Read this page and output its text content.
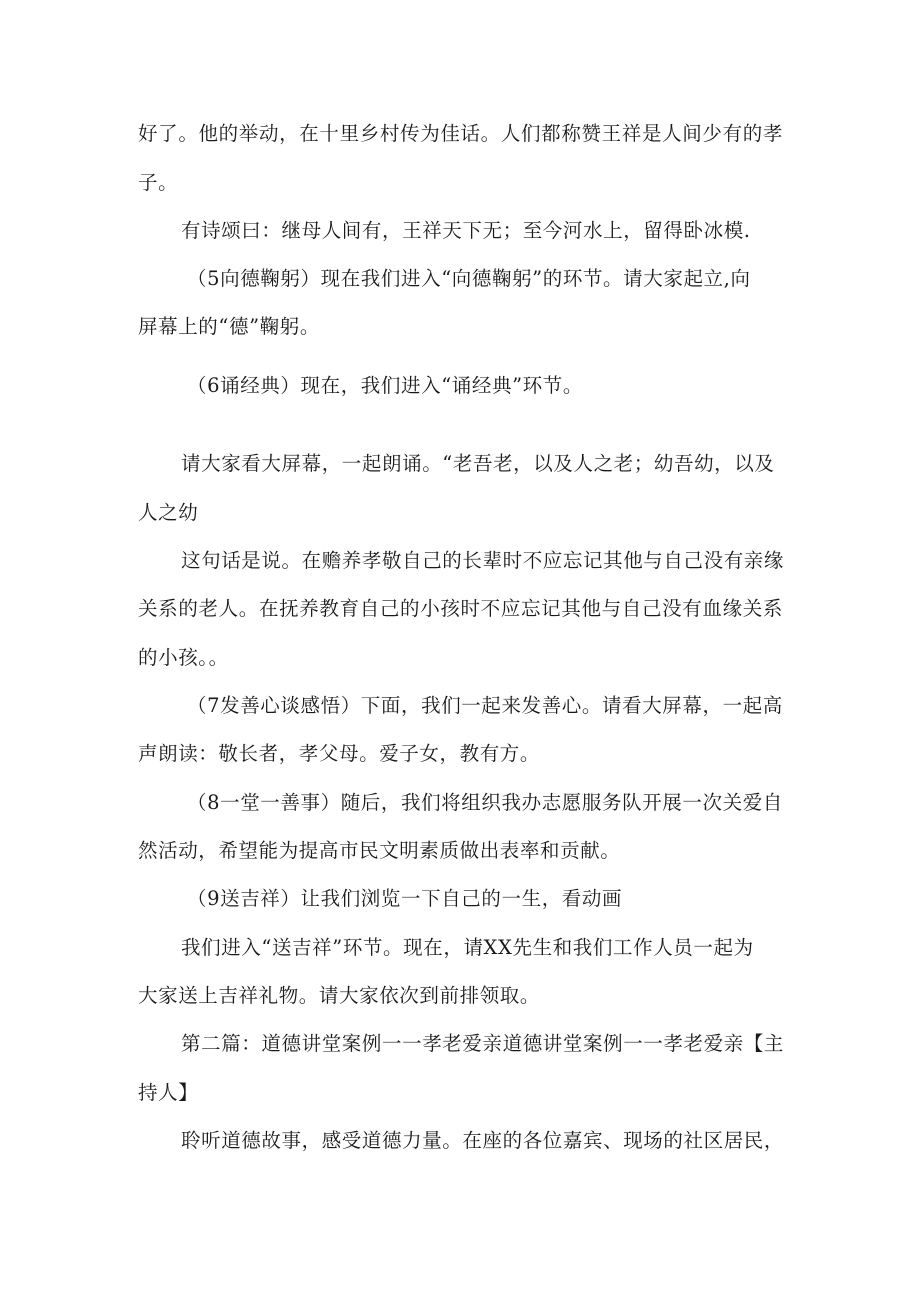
好了。他的举动，在十里乡村传为佳话。人们都称赞王祥是人间少有的孝
子。
有诗颂曰：继母人间有，王祥天下无；至今河水上，留得卧冰模.
（5向德鞠躬）现在我们进入“向德鞠躬”的环节。请大家起立,向
屏幕上的“德”鞠躬。
（6诵经典）现在，我们进入“诵经典”环节。
请大家看大屏幕，一起朗诵。“老吾老，以及人之老；幼吾幼，以及
人之幼
这句话是说。在赡养孝敬自己的长辈时不应忘记其他与自己没有亲缘
关系的老人。在抚养教育自己的小孩时不应忘记其他与自己没有血缘关系
的小孩。。
（7发善心谈感悟）下面，我们一起来发善心。请看大屏幕，一起高
声朗读：敬长者，孝父母。爱子女，教有方。
（8一堂一善事）随后，我们将组织我办志愿服务队开展一次关爱自
然活动，希望能为提高市民文明素质做出表率和贡献。
（9送吉祥）让我们浏览一下自己的一生，看动画
我们进入“送吉祥”环节。现在，请XX先生和我们工作人员一起为
大家送上吉祥礼物。请大家依次到前排领取。
第二篇：道德讲堂案例一一孝老爱亲道德讲堂案例一一孝老爱亲【主
持人】
聆听道德故事，感受道德力量。在座的各位嘉宾、现场的社区居民，
